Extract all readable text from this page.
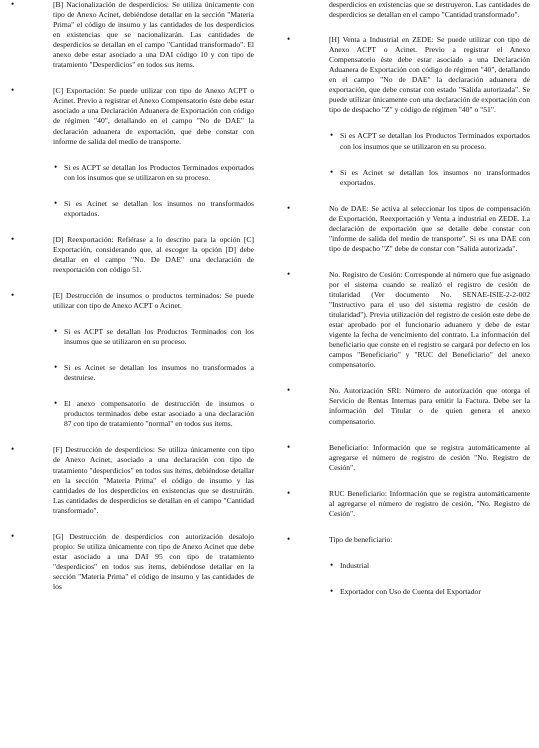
•	[B] Nacionalización de desperdicios: Se utiliza únicamente con tipo de Anexo Acinet, debiéndose detallar en la sección "Materia Prima" el código de insumo y las cantidades de los desperdicios en existencias que se nacionalizarán. Las cantidades de desperdicios se detallan en el campo "Cantidad transformado". El anexo debe estar asociado a una DAI código 10 y con tipo de tratamiento "Desperdicios" en todos sus ítems.

•	[C] Exportación: Se puede utilizar con tipo de Anexo ACPT o Acinet. Previo a registrar el Anexo Compensatorio éste debe estar asociado a una Declaración Aduanera de Exportación con código de régimen "40", detallando en el campo "No de DAE" la declaración aduanera de exportación, que debe constar con informe de salida del medio de transporte.

• Si es ACPT se detallan los Productos Terminados exportados con los insumos que se utilizaron en su proceso.

• Si es Acinet se detallan los insumos no transformados exportados.

•	[D] Reexportación: Refiérase a lo descrito para la opción [C] Exportación, considerando que, al escoger la opción [D] debe detallar en el campo "No. De DAE" una declaración de reexportación con código 51.

•	[E] Destrucción de insumos o productos terminados: Se puede utilizar con tipo de Anexo ACPT o Acinet.

• Si es ACPT se detallan los Productos Terminados con los insumos que se utilizaron en su proceso.

• Si es Acinet se detallan los insumos no transformados a destruirse.

• El anexo compensatorio de destrucción de insumos o productos terminados debe estar asociado a una declaración 87 con tipo de tratamiento "normal" en todos sus ítems.

•	[F] Destrucción de desperdicios: Se utiliza únicamente con tipo de Anexo Acinet, asociado a una declaración con tipo de tratamiento "desperdicios" en todos sus ítems, debiéndose detallar en la sección "Materia Prima" el código de insumo y las cantidades de los desperdicios en existencias que se destruirán. Las cantidades de desperdicios se detallan en el campo "Cantidad transformado".

•	[G] Destrucción de desperdicios con autorización desalojo propio: Se utiliza únicamente con tipo de Anexo Acinet que debe estar asociado a una DAI 95 con tipo de tratamiento "desperdicios" en todos sus ítems, debiéndose detallar en la sección "Materia Prima" el código de insumo y las cantidades de los

desperdicios en existencias que se destruyeron. Las cantidades de desperdicios se detallan en el campo "Cantidad transformado".

•	[H] Venta a Industrial en ZEDE: Se puede utilizar con tipo de Anexo ACPT o Acinet. Previo a registrar el Anexo Compensatorio éste debe estar asociado a una Declaración Aduanera de Exportación con código de régimen "40", detallando en el campo "No de DAE" la declaración aduanera de exportación, que debe constar con estado "Salida autorizada". Se puede utilizar únicamente con una declaración de exportación con tipo de despacho "Z" y código de régimen "40" o "51".

• Si es ACPT se detallan los Productos Terminados exportados con los insumos que se utilizaron en su proceso.

• Si es Acinet se detallan los insumos no transformados exportados.

•	No de DAE: Se activa al seleccionar los tipos de compensación de Exportación, Reexportación y Venta a industrial en ZEDE. La declaración de exportación que se detalle debe constar con "informe de salida del medio de transporte". Si es una DAE con tipo de despacho "Z" debe de constar con "Salida autorizada".

•	No. Registro de Cesión: Corresponde al número que fue asignado por el sistema cuando se realizó el registro de cesión de titularidad (Ver documento No. SENAE-ISIE-2-2-002 "Instructivo para el uso del sistema registro de cesión de titularidad"). Previa utilización del registro de cesión este debe de estar aprobado por el funcionario aduanero y debe de estar vigente la fecha de vencimiento del contrato. La información del beneficiario que conste en el registro se cargará por defecto en los campos "Beneficiario" y "RUC del Beneficiario" del anexo compensatorio.

•	No. Autorización SRI: Número de autorización que otorga el Servicio de Rentas Internas para emitir la Factura. Debe ser la información del Titular o de quien genera el anexo compensatorio.

•	Beneficiario: Información que se registra automáticamente al agregarse el número de registro de cesión "No. Registro de Cesión".

•	RUC Beneficiario: Información que se registra automáticamente al agregarse el número de registro de cesión, "No. Registro de Cesión".

•	Tipo de beneficiario:

• Industrial

• Exportador con Uso de Cuenta del Exportador
